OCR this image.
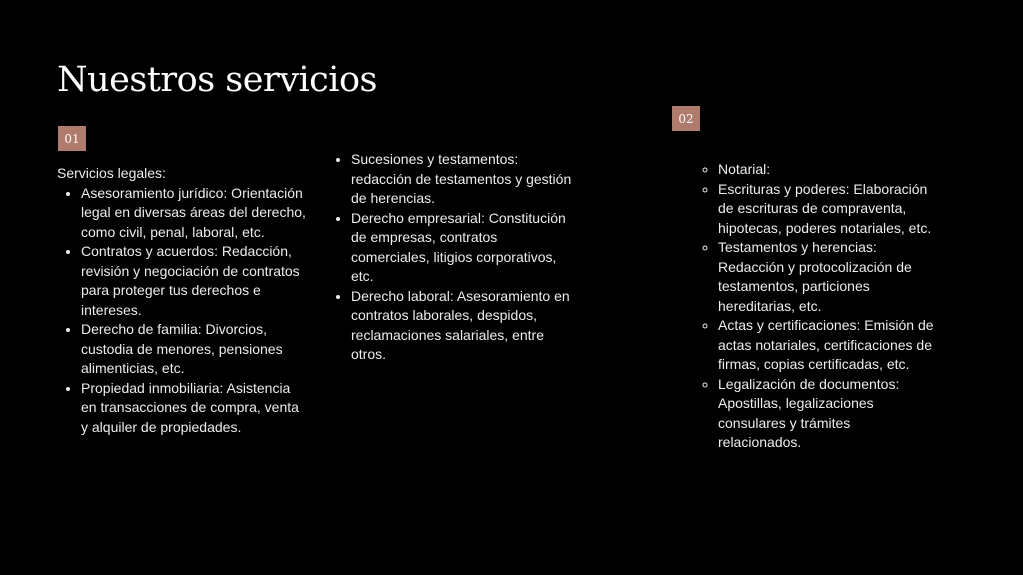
Nuestros servicios
01
02
Servicios legales:
• Asesoramiento jurídico: Orientación legal en diversas áreas del derecho, como civil, penal, laboral, etc.
• Contratos y acuerdos: Redacción, revisión y negociación de contratos para proteger tus derechos e intereses.
• Derecho de familia: Divorcios, custodia de menores, pensiones alimenticias, etc.
• Propiedad inmobiliaria: Asistencia en transacciones de compra, venta y alquiler de propiedades.
• Sucesiones y testamentos: redacción de testamentos y gestión de herencias.
• Derecho empresarial: Constitución de empresas, contratos comerciales, litigios corporativos, etc.
• Derecho laboral: Asesoramiento en contratos laborales, despidos, reclamaciones salariales, entre otros.
◦ Notarial:
◦ Escrituras y poderes: Elaboración de escrituras de compraventa, hipotecas, poderes notariales, etc.
◦ Testamentos y herencias: Redacción y protocolización de testamentos, particiones hereditarias, etc.
◦ Actas y certificaciones: Emisión de actas notariales, certificaciones de firmas, copias certificadas, etc.
◦ Legalización de documentos: Apostillas, legalizaciones consulares y trámites relacionados.
